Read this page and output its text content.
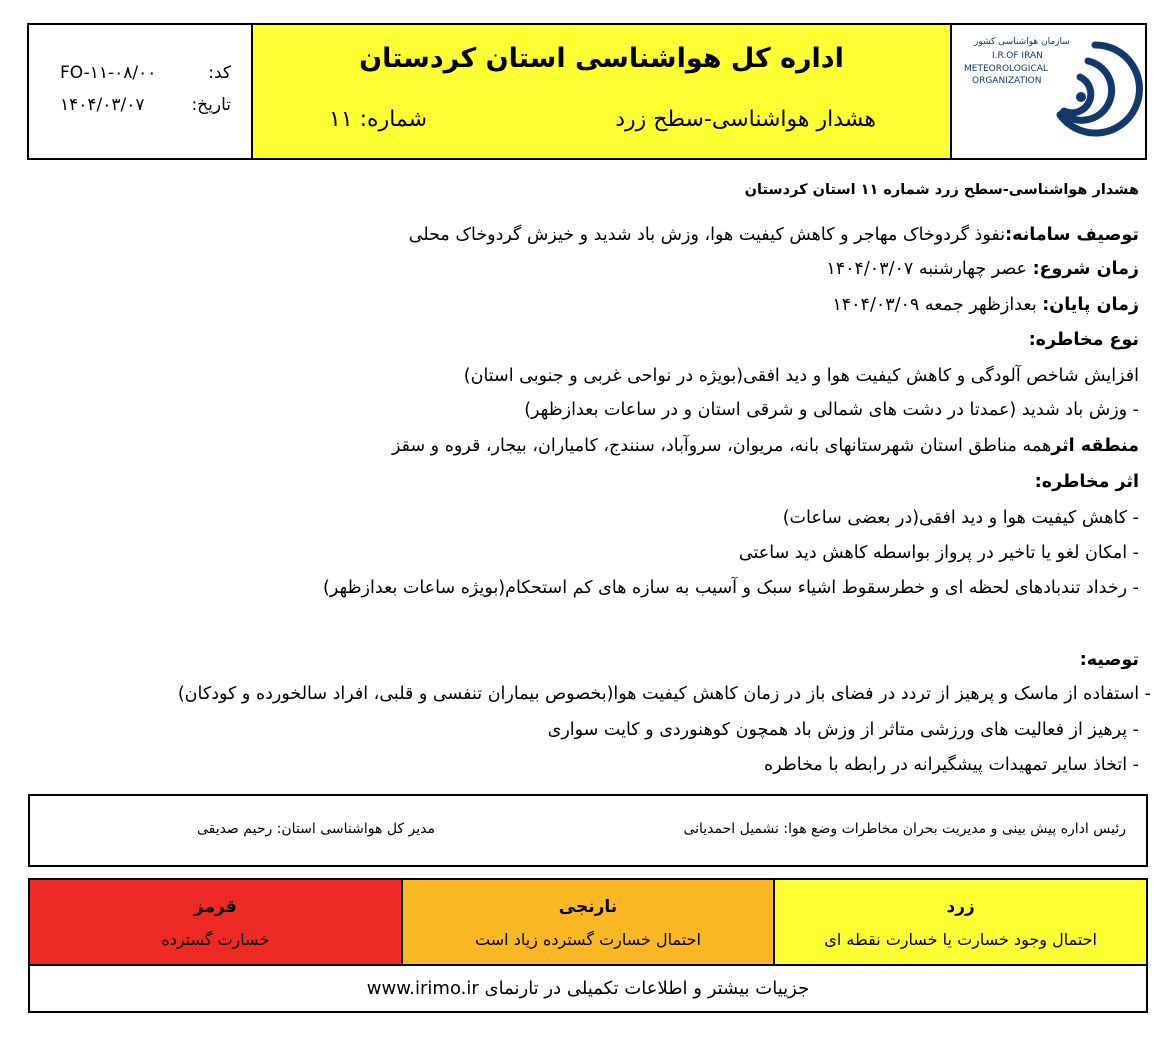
FO-۱۱-۰۸/۰۰	کد:
۱۴۰۴/۰۳/۰۷	تاریخ:
اداره کل هواشناسی استان کردستان
هشدار هواشناسی-سطح زرد
شماره: ۱۱
سازمان هواشناسی کشور
I.R.OF IRAN
METEOROLOGICAL
ORGANIZATION
هشدار هواشناسی-سطح زرد شماره ۱۱ استان کردستان
توصیف سامانه:نفوذ گردوخاک مهاجر و کاهش کیفیت هوا، وزش باد شدید و خیزش گردوخاک محلی
زمان شروع: عصر چهارشنبه ۱۴۰۴/۰۳/۰۷
زمان پایان: بعدازظهر جمعه ۱۴۰۴/۰۳/۰۹
نوع مخاطره:
افزایش شاخص آلودگی و کاهش کیفیت هوا و دید افقی(بویژه در نواحی غربی و جنوبی استان)
- وزش باد شدید (عمدتا در دشت های شمالی و شرقی استان و در ساعات بعدازظهر)
منطقه اثرهمه مناطق استان شهرستانهای بانه، مریوان، سروآباد، سنندج، کامیاران، بیجار، قروه و سقز
اثر مخاطره:
- کاهش کیفیت هوا و دید افقی(در بعضی ساعات)
- امکان لغو یا تاخیر در پرواز بواسطه کاهش دید ساعتی
- رخداد تندبادهای لحظه ای و خطرسقوط اشیاء سبک و آسیب به سازه های کم استحکام(بویژه ساعات بعدازظهر)
توصیه:
- استفاده از ماسک و پرهیز از تردد در فضای باز در زمان کاهش کیفیت هوا(بخصوص بیماران تنفسی و قلبی، افراد سالخورده و کودکان)
- پرهیز از فعالیت های ورزشی متاثر از وزش باد همچون کوهنوردی و کایت سواری
- اتخاذ سایر تمهیدات پیشگیرانه در رابطه با مخاطره
رئیس اداره پیش بینی و مدیریت بحران مخاطرات وضع هوا: نشمیل احمدیانی
مدیر کل هواشناسی استان: رحیم صدیقی
زرد
احتمال وجود خسارت یا خسارت نقطه ای
نارنجی
احتمال خسارت گسترده زیاد است
قرمز
خسارت گسترده
جزییات بیشتر و اطلاعات تکمیلی در تارنمای www.irimo.ir
